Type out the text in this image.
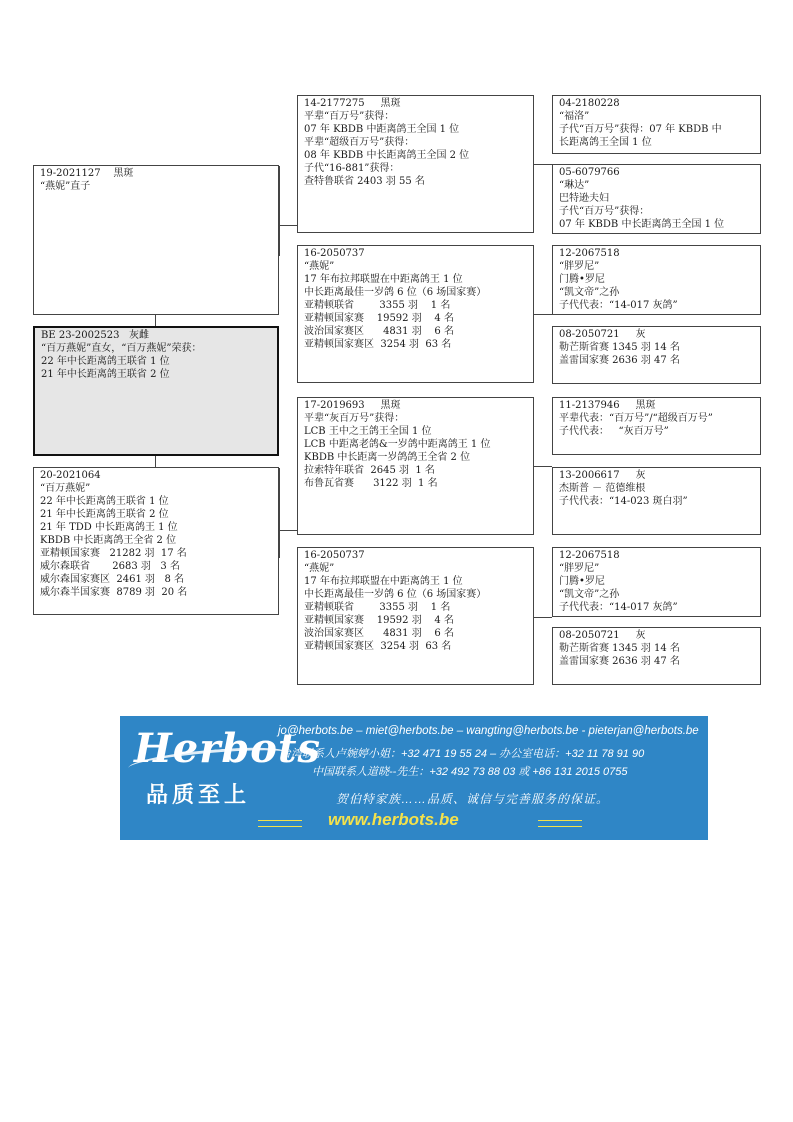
19-2021127    黑斑
“燕妮”直子
BE 23-2002523   灰雌
“百万燕妮”直女，“百万燕妮”荣获：
22 年中长距离鸽王联省 1 位
21 年中长距离鸽王联省 2 位
20-2021064
“百万燕妮”
22 年中长距离鸽王联省 1 位
21 年中长距离鸽王联省 2 位
21 年 TDD 中长距离鸽王 1 位
KBDB 中长距离鸽王全省 2 位
亚精顿国家赛   21282 羽  17 名
威尔森联省       2683 羽   3 名
威尔森国家赛区  2461 羽   8 名
威尔森半国家赛  8789 羽  20 名
14-2177275     黑斑
平辈“百万号”获得：
07 年 KBDB 中距离鸽王全国 1 位
平辈“超级百万号”获得：
08 年 KBDB 中长距离鸽王全国 2 位
子代“16-881”获得：
查特鲁联省 2403 羽 55 名
16-2050737
“燕妮”
17 年布拉邦联盟在中距离鸽王 1 位
中长距离最佳一岁鸽 6 位（6 场国家赛）
亚精顿联省        3355 羽    1 名
亚精顿国家赛    19592 羽    4 名
波治国家赛区      4831 羽    6 名
亚精顿国家赛区  3254 羽  63 名
17-2019693     黑斑
平辈“灰百万号”获得：
LCB 王中之王鸽王全国 1 位
LCB 中距离老鸽&一岁鸽中距离鸽王 1 位
KBDB 中长距离一岁鸽鸽王全省 2 位
拉索特年联省  2645 羽  1 名
布鲁瓦省赛      3122 羽  1 名
16-2050737
“燕妮”
17 年布拉邦联盟在中距离鸽王 1 位
中长距离最佳一岁鸽 6 位（6 场国家赛）
亚精顿联省        3355 羽    1 名
亚精顿国家赛    19592 羽    4 名
波治国家赛区      4831 羽    6 名
亚精顿国家赛区  3254 羽  63 名
04-2180228
“福洛”
子代“百万号”获得：07 年 KBDB 中
长距离鸽王全国 1 位
05-6079766
“琳达”
巴特逊夫妇
子代“百万号”获得：
07 年 KBDB 中长距离鸽王全国 1 位
12-2067518
“胖罗尼”
门腾•罗尼
“凯文帝”之孙
子代代表：“14-017 灰鸽”
08-2050721     灰
勒芒斯省赛 1345 羽 14 名
盖雷国家赛 2636 羽 47 名
11-2137946     黑斑
平辈代表：“百万号”/“超级百万号”
子代代表：   “灰百万号”
13-2006617     灰
杰斯普 － 范德维根
子代代表：“14-023 斑白羽”
12-2067518
“胖罗尼”
门腾•罗尼
“凯文帝”之孙
子代代表：“14-017 灰鸽”
08-2050721     灰
勒芒斯省赛 1345 羽 14 名
盖雷国家赛 2636 羽 47 名
Herbots
品质至上
jo@herbots.be – miet@herbots.be – wangting@herbots.be - pieterjan@herbots.be
台湾联系人卢婉婷小姐：+32 471 19 55 24 – 办公室电话：+32 11 78 91 90
中国联系人道晓--先生：+32 492 73 88 03 或 +86 131 2015 0755
贺伯特家族……品质、诚信与完善服务的保证。
www.herbots.be
